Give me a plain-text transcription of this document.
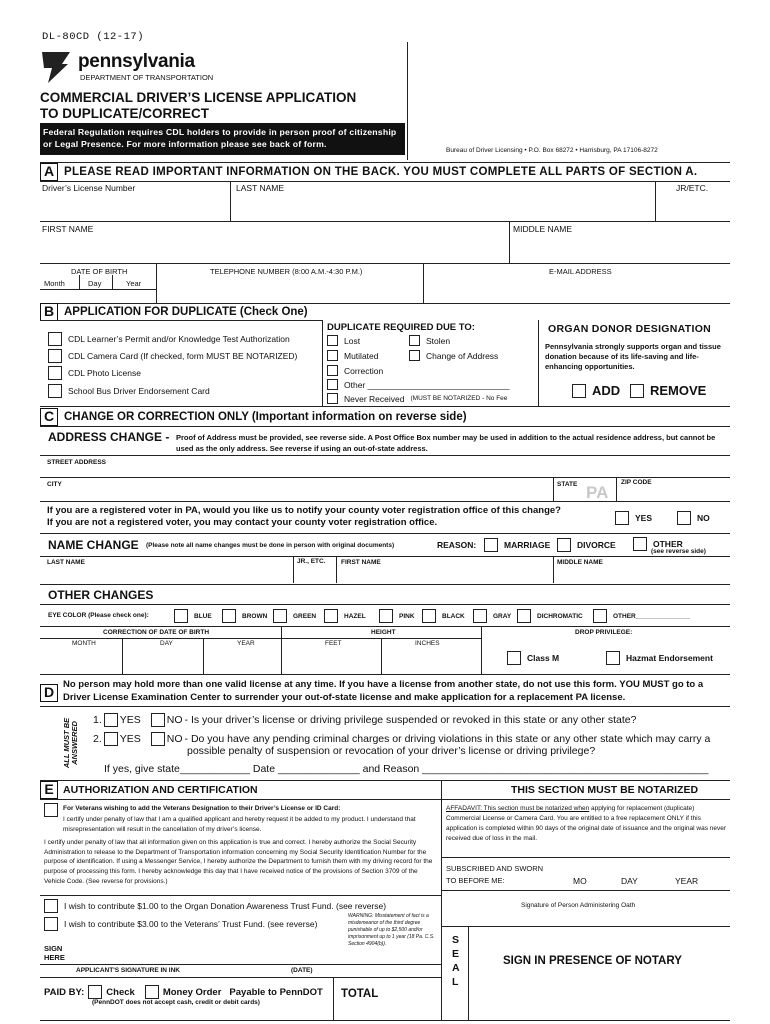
DL-80CD (12-17)
pennsylvania
DEPARTMENT OF TRANSPORTATION
COMMERCIAL DRIVER’S LICENSE APPLICATION
TO DUPLICATE/CORRECT
Federal Regulation requires CDL holders to provide in person proof of citizenship or Legal Presence. For more information please see back of form.
Bureau of Driver Licensing • P.O. Box 68272 • Harrisburg, PA 17106-8272
A PLEASE READ IMPORTANT INFORMATION ON THE BACK. YOU MUST COMPLETE ALL PARTS OF SECTION A.
Driver’s License Number	LAST NAME	JR/ETC.
FIRST NAME	MIDDLE NAME
DATE OF BIRTH	TELEPHONE NUMBER (8:00 A.M.-4:30 P.M.)	E-MAIL ADDRESS
Month	Day	Year
B APPLICATION FOR DUPLICATE (Check One)
CDL Learner’s Permit and/or Knowledge Test Authorization
CDL Camera Card (If checked, form MUST BE NOTARIZED)
CDL Photo License
School Bus Driver Endorsement Card
DUPLICATE REQUIRED DUE TO:
Lost	Stolen
Mutilated	Change of Address
Correction
Other ______________________________
Never Received (MUST BE NOTARIZED - No Fee
ORGAN DONOR DESIGNATION
Pennsylvania strongly supports organ and tissue donation because of its life-saving and life-enhancing opportunities.
ADD REMOVE
C CHANGE OR CORRECTION ONLY (Important information on reverse side)
ADDRESS CHANGE - Proof of Address must be provided, see reverse side. A Post Office Box number may be used in addition to the actual residence address, but cannot be used as the only address. See reverse if using an out-of-state address.
STREET ADDRESS
CITY	STATE PA
ZIP CODE
If you are a registered voter in PA, would you like us to notify your county voter registration office of this change?
If you are not a registered voter, you may contact your county voter registration office.	YES	NO
NAME CHANGE (Please note all name changes must be done in person with original documents)	REASON:	MARRIAGE	DIVORCE	OTHER
(see reverse side)
LAST NAME	JR., ETC. FIRST NAME	MIDDLE NAME
OTHER CHANGES
EYE COLOR (Please check one):	BLUE	BROWN	GREEN	HAZEL	PINK	BLACK	GRAY	DICHROMATIC	OTHER_______________
CORRECTION OF DATE OF BIRTH	HEIGHT	DROP PRIVILEGE:
MONTH	DAY	YEAR	FEET	INCHES
Class M	Hazmat Endorsement
D No person may hold more than one valid license at any time. If you have a license from another state, do not use this form. YOU MUST go to a Driver License Examination Center to surrender your out-of-state license and make application for a replacement PA license.
ALL MUST BE ANSWERED
1. YES NO - Is your driver’s license or driving privilege suspended or revoked in this state or any other state?
2. YES NO - Do you have any pending criminal charges or driving violations in this state or any other state which may carry a
possible penalty of suspension or revocation of your driver’s license or driving privilege?
If yes, give state____________ Date ______________ and Reason _________________________________________________
E AUTHORIZATION AND CERTIFICATION	THIS SECTION MUST BE NOTARIZED
For Veterans wishing to add the Veterans Designation to their Driver’s License or ID Card:
I certify under penalty of law that I am a qualified applicant and hereby request it be added to my product. I understand that misrepresentation will result in the cancellation of my driver’s license.
I certify under penalty of law that all information given on this application is true and correct. I hereby authorize the Social Security Administration to release to the Department of Transportation information concerning my Social Security Identification Number for the purpose of identification. If using a Messenger Service, I hereby authorize the Department to furnish them with my driving record for the purpose of processing this form. I hereby acknowledge this day that I have received notice of the provisions of Section 3709 of the Vehicle Code. (See reverse for provisions.)
I wish to contribute $1.00 to the Organ Donation Awareness Trust Fund. (see reverse)
I wish to contribute $3.00 to the Veterans’ Trust Fund. (see reverse)
WARNING: Misstatement of fact is a misdemeanor of the third degree punishable of up to $2,500 and/or imprisonment up to 1 year (18 Pa. C.S. Section 4904(b)).
SIGN
HERE
APPLICANT'S SIGNATURE IN INK	(DATE)
PAID BY: Check	Money Order Payable to PennDOT
(PennDOT does not accept cash, credit or debit cards)
TOTAL
AFFADAVIT: This section must be notarized when applying for replacement (duplicate) Commercial License or Camera Card. You are entitled to a free replacement ONLY if this application is completed within 90 days of the original date of issuance and the original was never received due of loss in the mail.
SUBSCRIBED AND SWORN
TO BEFORE ME:	MO	DAY	YEAR
Signature of Person Administering Oath
S
E
A
L
SIGN IN PRESENCE OF NOTARY
